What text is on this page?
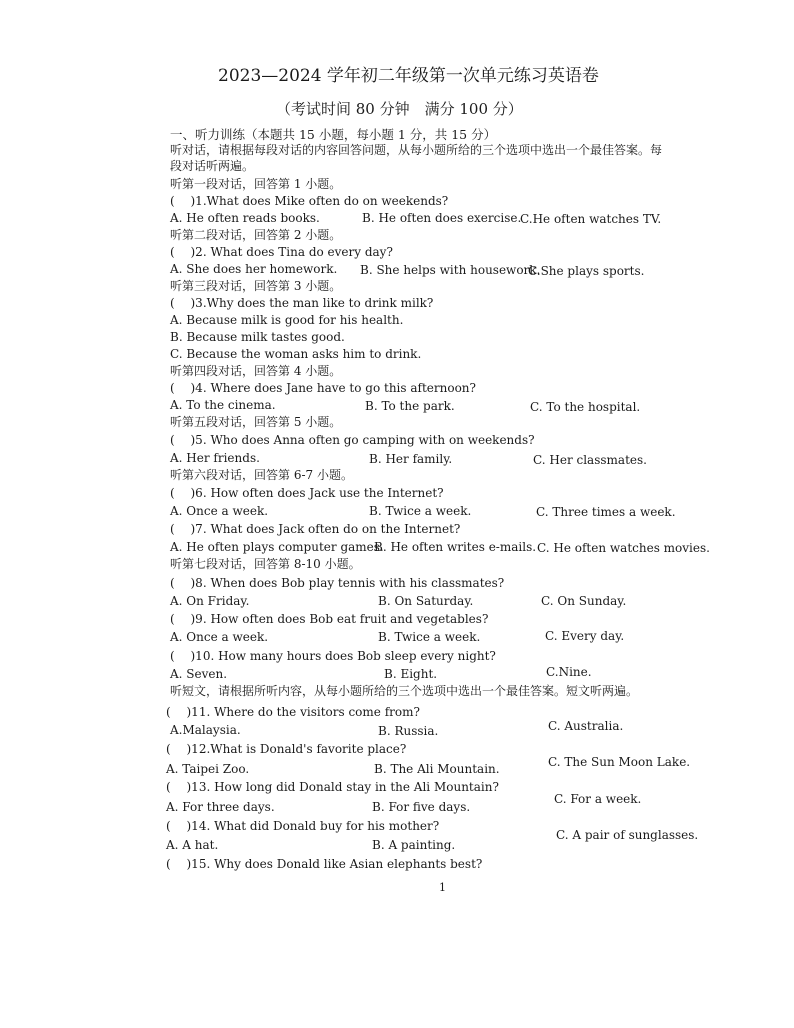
2023—2024 学年初二年级第一次单元练习英语卷
（考试时间 80 分钟　满分 100 分）
一、听力训练（本题共 15 小题，每小题 1 分，共 15 分）
听对话，请根据每段对话的内容回答问题，从每小题所给的三个选项中选出一个最佳答案。每
段对话听两遍。
听第一段对话，回答第 1 小题。
(　 )1.What does Mike often do on weekends?
A. He often reads books.	B. He often does exercise.
C.He often watches TV.
听第二段对话，回答第 2 小题。
(　 )2. What does Tina do every day?
A. She does her homework. B. She helps with housework.
C.She plays sports.
听第三段对话，回答第 3 小题。
(　 )3.Why does the man like to drink milk?
A. Because milk is good for his health.
B. Because milk tastes good.
C. Because the woman asks him to drink.
听第四段对话，回答第 4 小题。
(　 )4. Where does Jane have to go this afternoon?
A. To the cinema.	B. To the park.	C. To the hospital.
听第五段对话，回答第 5 小题。
(　 )5. Who does Anna often go camping with on weekends?
A. Her friends.	B. Her family.	C. Her classmates.
听第六段对话，回答第 6-7 小题。
(　 )6. How often does Jack use the Internet?
A. Once a week.	B. Twice a week.	C. Three times a week.
(　 )7. What does Jack often do on the Internet?
A. He often plays computer games.
B. He often writes e-mails. C. He often watches movies.
听第七段对话，回答第 8-10 小题。
(　 )8. When does Bob play tennis with his classmates?
A. On Friday.	B. On Saturday.	C. On Sunday.
(　 )9. How often does Bob eat fruit and vegetables?
A. Once a week.	B. Twice a week.	C. Every day.
(　 )10. How many hours does Bob sleep every night?
A. Seven.	B. Eight.	C.Nine.
听短文，请根据所听内容，从每小题所给的三个选项中选出一个最佳答案。短文听两遍。
(　 )11. Where do the visitors come from?
A.Malaysia.	B. Russia.	C. Australia.
(　 )12.What is Donald's favorite place?
A. Taipei Zoo.	B. The Ali Mountain.	C. The Sun Moon Lake.
(　 )13. How long did Donald stay in the Ali Mountain?
A. For three days.	B. For five days.
C. For a week.
(　 )14. What did Donald buy for his mother?
A. A hat.	B. A painting.
C. A pair of sunglasses.
(　 )15. Why does Donald like Asian elephants best?
1
